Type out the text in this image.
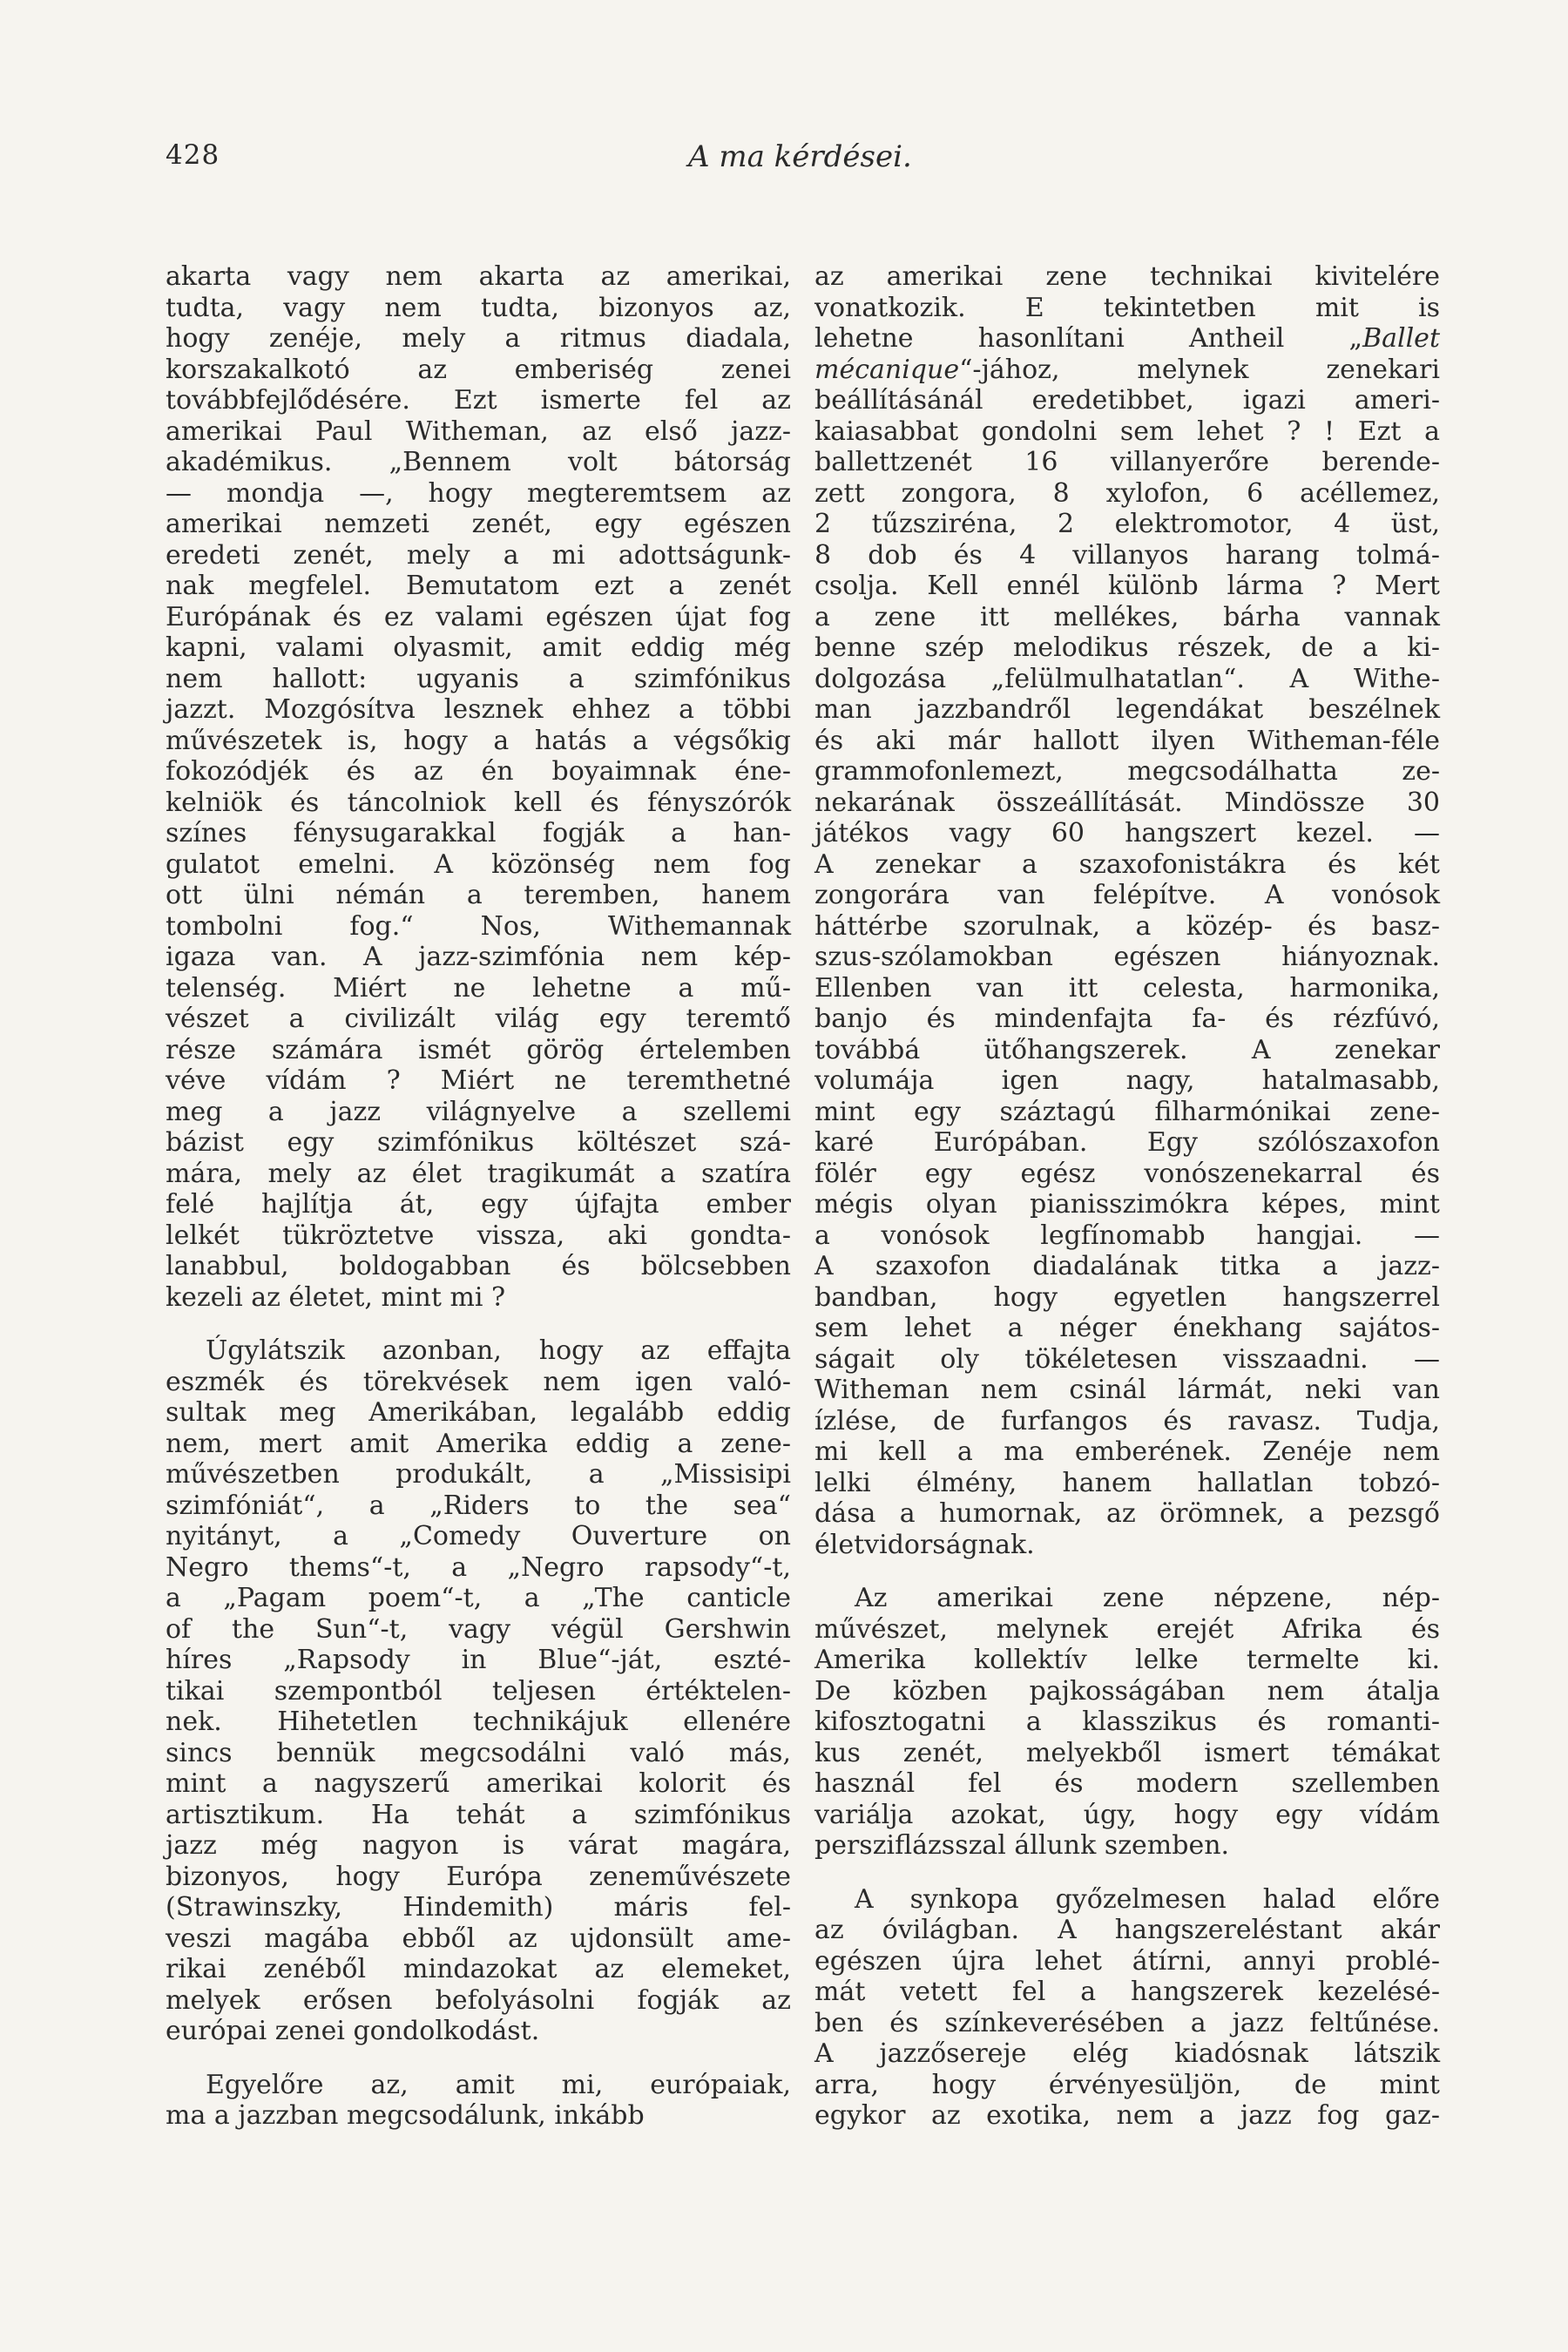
428	A ma kérdései.

akarta vagy nem akarta az amerikai,

tudta, vagy nem tudta, bizonyos az,

hogy zenéje, mely a ritmus diadala,

korszakalkotó az emberiség zenei

továbbfejlődésére. Ezt ismerte fel az

amerikai Paul Witheman, az első jazz-

akadémikus. „Bennem volt bátorság

— mondja —, hogy megteremtsem az

amerikai nemzeti zenét, egy egészen

eredeti zenét, mely a mi adottságunk-

nak megfelel. Bemutatom ezt a zenét

Európának és ez valami egészen újat fog

kapni, valami olyasmit, amit eddig még

nem hallott: ugyanis a szimfónikus

jazzt. Mozgósítva lesznek ehhez a többi

művészetek is, hogy a hatás a végsőkig

fokozódjék és az én boyaimnak éne-

kelniök és táncolniok kell és fényszórók

színes fénysugarakkal fogják a han-

gulatot emelni. A közönség nem fog

ott ülni némán a teremben, hanem

tombolni fog.“ Nos, Withemannak

igaza van. A jazz-szimfónia nem kép-

telenség. Miért ne lehetne a mű-

vészet a civilizált világ egy teremtő

része számára ismét görög értelemben

véve vídám ? Miért ne teremthetné

meg a jazz világnyelve a szellemi

bázist egy szimfónikus költészet szá-

mára, mely az élet tragikumát a szatíra

felé hajlítja át, egy újfajta ember

lelkét tükröztetve vissza, aki gondta-

lanabbul, boldogabban és bölcsebben

kezeli az életet, mint mi ?

Úgylátszik azonban, hogy az effajta

eszmék és törekvések nem igen való-

sultak meg Amerikában, legalább eddig

nem, mert amit Amerika eddig a zene-

művészetben produkált, a „Missisipi

szimfóniát“, a „Riders to the sea“

nyitányt, a „Comedy Ouverture on

Negro thems“-t, a „Negro rapsody“-t,

a „Pagam poem“-t, a „The canticle

of the Sun“-t, vagy végül Gershwin

híres „Rapsody in Blue“-ját, eszté-

tikai szempontból teljesen értéktelen-

nek. Hihetetlen technikájuk ellenére

sincs bennük megcsodálni való más,

mint a nagyszerű amerikai kolorit és

artisztikum. Ha tehát a szimfónikus

jazz még nagyon is várat magára,

bizonyos, hogy Európa zeneművészete

(Strawinszky, Hindemith) máris fel-

veszi magába ebből az ujdonsült ame-

rikai zenéből mindazokat az elemeket,

melyek erősen befolyásolni fogják az

európai zenei gondolkodást.

Egyelőre az, amit mi, európaiak,

ma a jazzban megcsodálunk, inkább

az amerikai zene technikai kivitelére

vonatkozik. E tekintetben mit is

lehetne hasonlítani Antheil „Ballet

mécanique“-jához, melynek zenekari

beállításánál eredetibbet, igazi ameri-

kaiasabbat gondolni sem lehet ? ! Ezt a

ballettzenét 16 villanyerőre berende-

zett zongora, 8 xylofon, 6 acéllemez,

2 tűzsziréna, 2 elektromotor, 4 üst,

8 dob és 4 villanyos harang tolmá-

csolja. Kell ennél különb lárma ? Mert

a zene itt mellékes, bárha vannak

benne szép melodikus részek, de a ki-

dolgozása „felülmulhatatlan“. A Withe-

man jazzbandről legendákat beszélnek

és aki már hallott ilyen Witheman-féle

grammofonlemezt, megcsodálhatta ze-

nekarának összeállítását. Mindössze 30

játékos vagy 60 hangszert kezel. —

A zenekar a szaxofonistákra és két

zongorára van felépítve. A vonósok

háttérbe szorulnak, a közép- és basz-

szus-szólamokban egészen hiányoznak.

Ellenben van itt celesta, harmonika,

banjo és mindenfajta fa- és rézfúvó,

továbbá ütőhangszerek. A zenekar

volumája igen nagy, hatalmasabb,

mint egy száztagú filharmónikai zene-

karé Európában. Egy szólószaxofon

fölér egy egész vonószenekarral és

mégis olyan pianisszimókra képes, mint

a vonósok legfínomabb hangjai. —

A szaxofon diadalának titka a jazz-

bandban, hogy egyetlen hangszerrel

sem lehet a néger énekhang sajátos-

ságait oly tökéletesen visszaadni. —

Witheman nem csinál lármát, neki van

ízlése, de furfangos és ravasz. Tudja,

mi kell a ma emberének. Zenéje nem

lelki élmény, hanem hallatlan tobzó-

dása a humornak, az örömnek, a pezsgő

életvidorságnak.

Az amerikai zene népzene, nép-

művészet, melynek erejét Afrika és

Amerika kollektív lelke termelte ki.

De közben pajkosságában nem átalja

kifosztogatni a klasszikus és romanti-

kus zenét, melyekből ismert témákat

használ fel és modern szellemben

variálja azokat, úgy, hogy egy vídám

persziflázsszal állunk szemben.

A synkopa győzelmesen halad előre

az óvilágban. A hangszereléstant akár

egészen újra lehet átírni, annyi problé-

mát vetett fel a hangszerek kezelésé-

ben és színkeverésében a jazz feltűnése.

A jazzősereje elég kiadósnak látszik

arra, hogy érvényesüljön, de mint

egykor az exotika, nem a jazz fog gaz-
